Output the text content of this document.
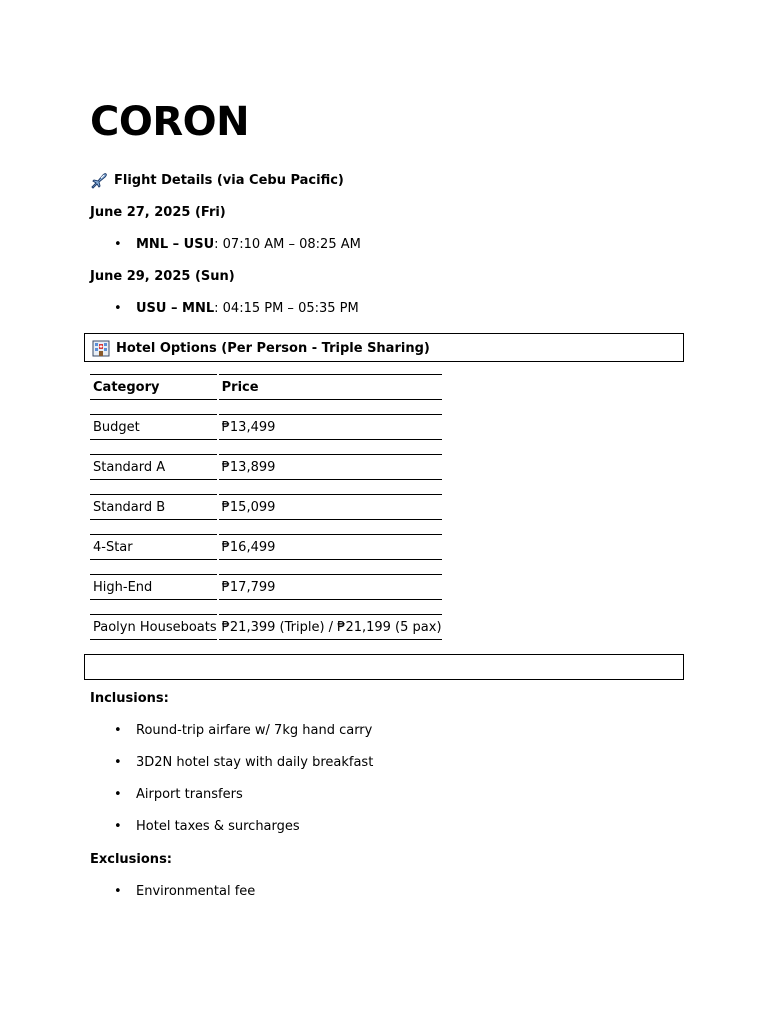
CORON
Flight Details (via Cebu Pacific)
June 27, 2025 (Fri)
• MNL – USU: 07:10 AM – 08:25 AM
June 29, 2025 (Sun)
• USU – MNL: 04:15 PM – 05:35 PM
Hotel Options (Per Person - Triple Sharing)
Category	Price
Budget	₱13,499
Standard A	₱13,899
Standard B	₱15,099
4-Star	₱16,499
High-End	₱17,799
Paolyn Houseboats	₱21,399 (Triple) / ₱21,199 (5 pax)
Inclusions:
• Round-trip airfare w/ 7kg hand carry
• 3D2N hotel stay with daily breakfast
• Airport transfers
• Hotel taxes & surcharges
Exclusions:
• Environmental fee
